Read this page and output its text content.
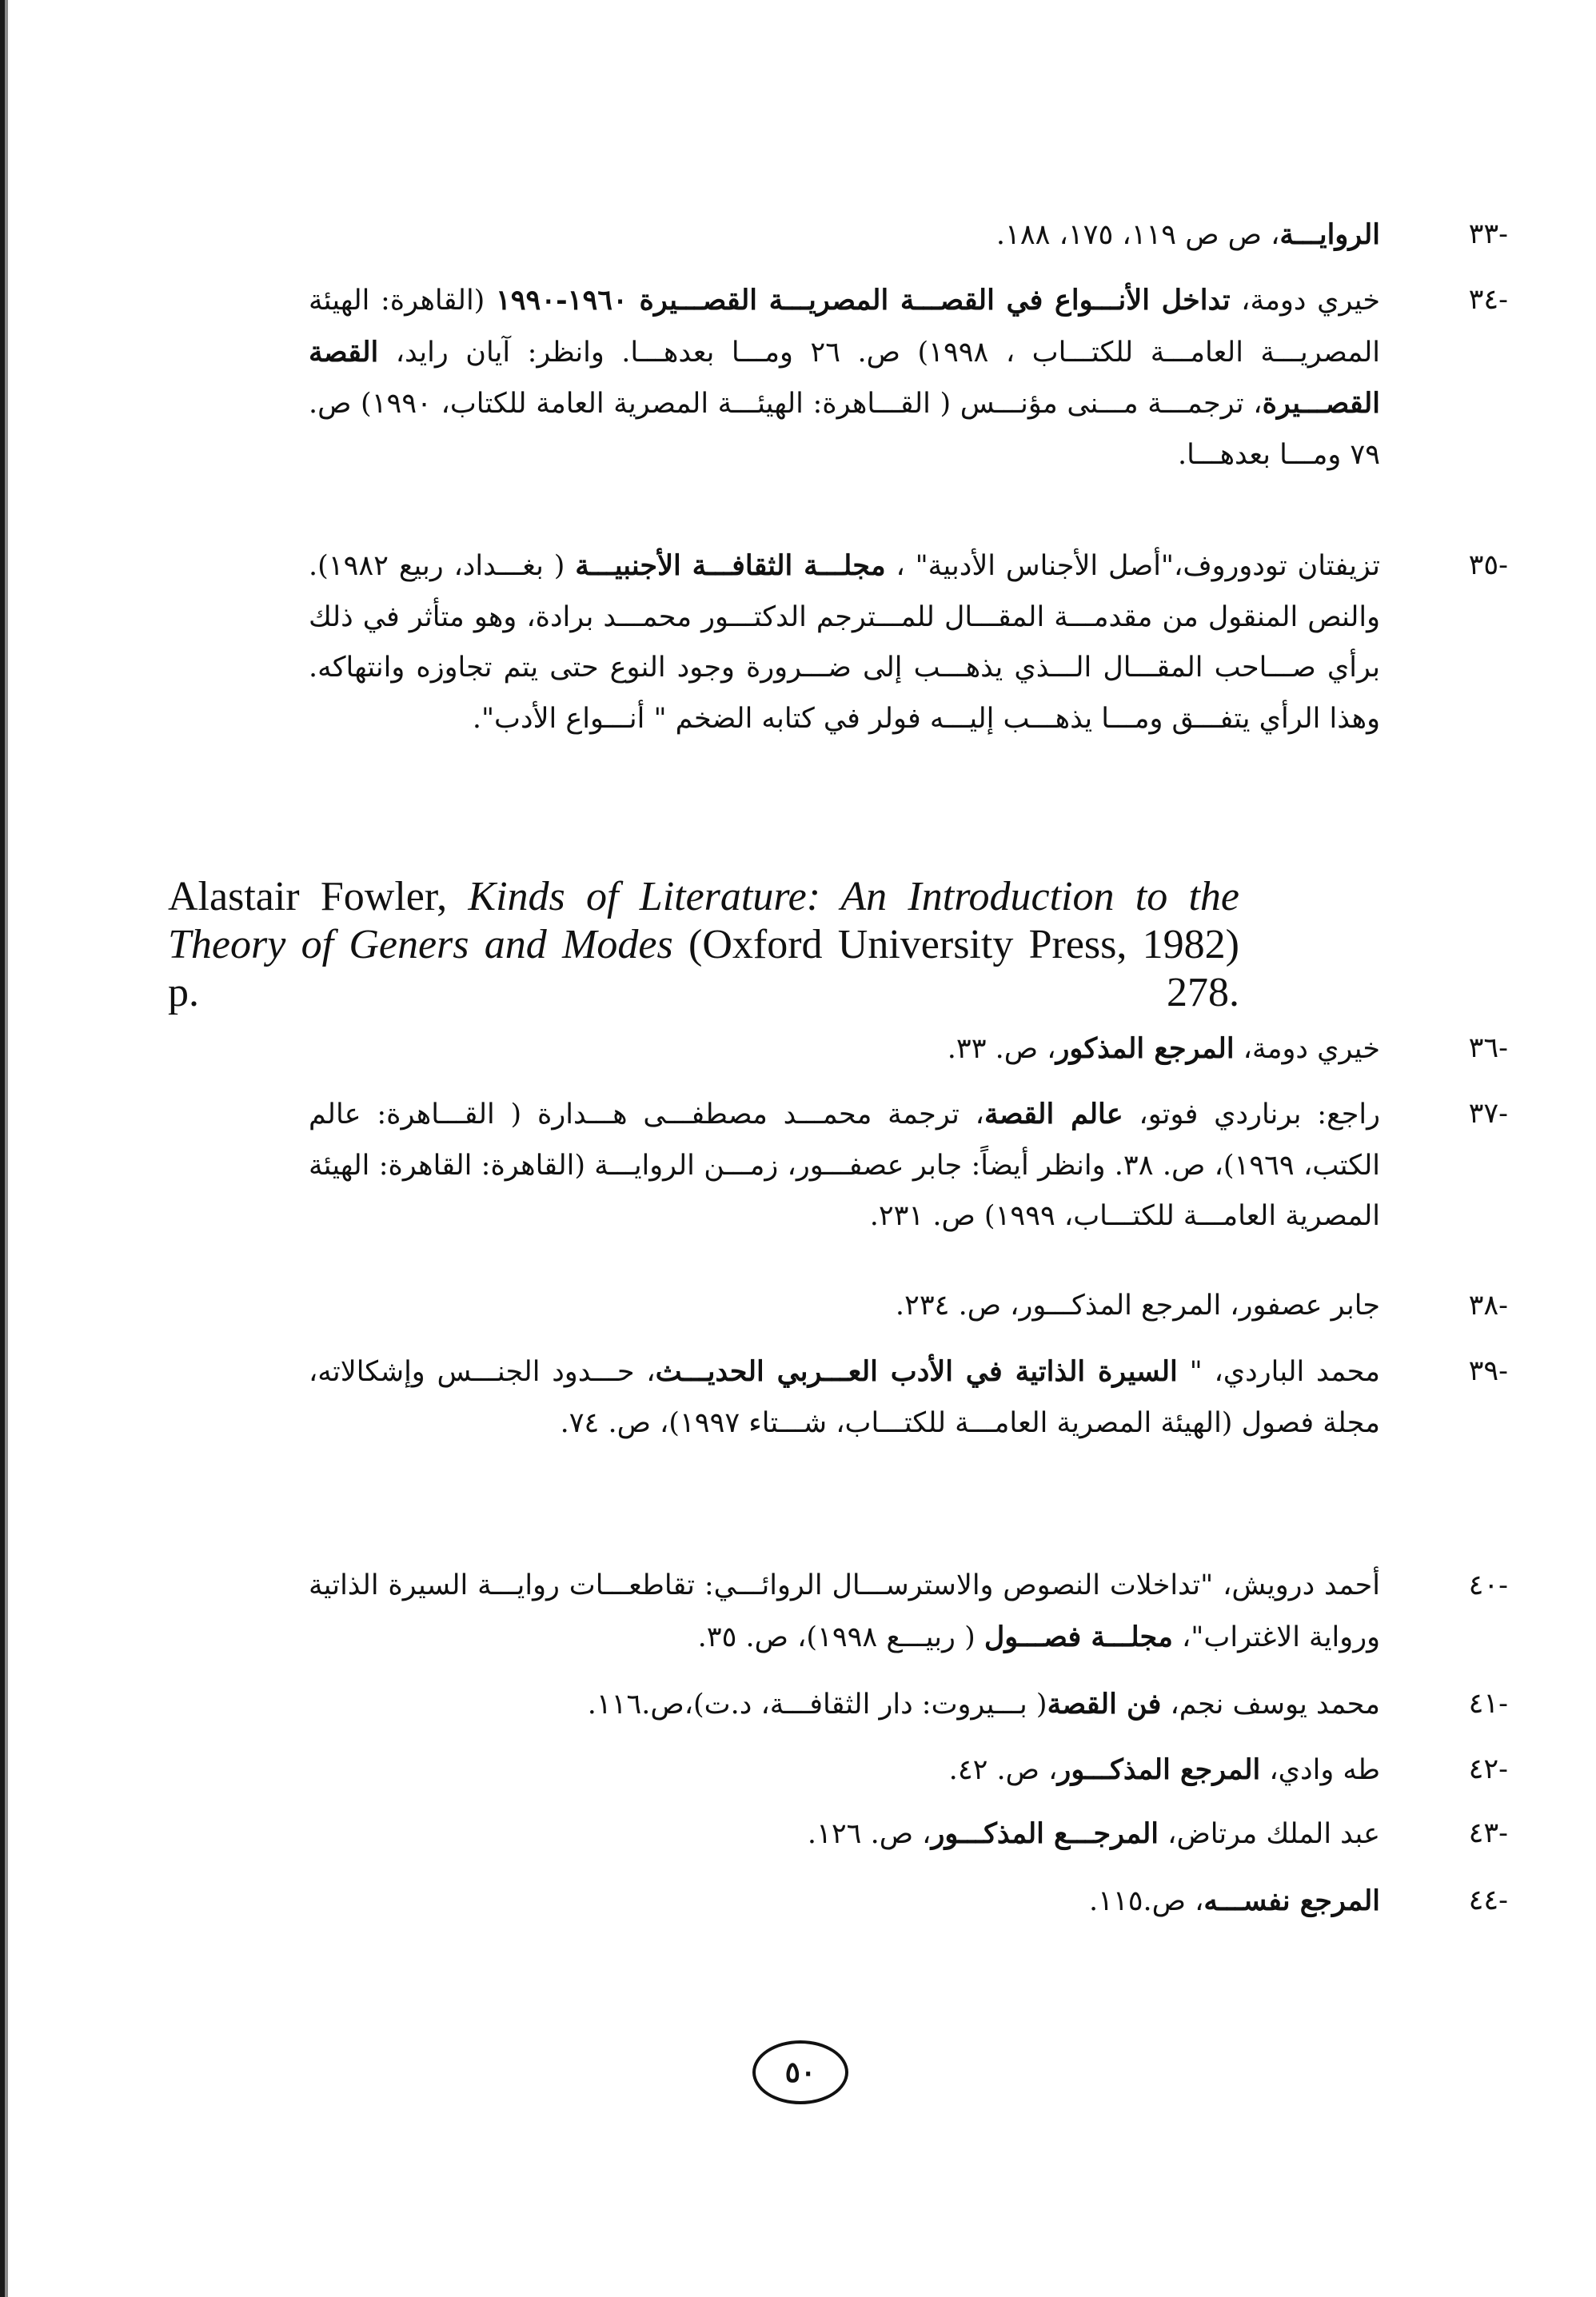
-٣٣
الروايـــة، ص ص ١١٩، ١٧٥، ١٨٨.
-٣٤
خيري دومة، تداخل الأنـــواع في القصـــة المصريـــة القصـــيرة ١٩٦٠-١٩٩٠ (القاهرة: الهيئة المصريـــة العامـــة للكتـــاب ، ١٩٩٨) ص. ٢٦ ومـــا بعدهـــا. وانظر: آيان رايد، القصة القصـــيرة، ترجمـــة مـــنى مؤنـــس ( القـــاهرة: الهيئـــة المصرية العامة للكتاب، ١٩٩٠) ص. ٧٩ ومـــا بعدهـــا.
-٣٥
تزيفتان تودوروف،"أصل الأجناس الأدبية" ، مجلـــة الثقافـــة الأجنبيـــة ( بغـــداد، ربيع ١٩٨٢). والنص المنقول من مقدمـــة المقـــال للمـــترجم الدكتـــور محمـــد برادة، وهو متأثر في ذلك برأي صـــاحب المقـــال الـــذي يذهـــب إلى ضـــرورة وجود النوع حتى يتم تجاوزه وانتهاكه. وهذا الرأي يتفـــق ومـــا يذهـــب إليـــه فولر في كتابه الضخم " أنـــواع الأدب".
-٣٦
خيري دومة، المرجع المذكور، ص. ٣٣.
-٣٧
راجع: برناردي فوتو، عالم القصة، ترجمة محمـــد مصطفـــى هـــدارة ( القـــاهرة: عالم الكتب، ١٩٦٩)، ص. ٣٨. وانظر أيضاً: جابر عصفـــور، زمـــن الروايـــة (القاهرة: القاهرة: الهيئة المصرية العامـــة للكتـــاب، ١٩٩٩) ص. ٢٣١.
-٣٨
جابر عصفور، المرجع المذكـــور، ص. ٢٣٤.
-٣٩
محمد الباردي، " السيرة الذاتية في الأدب العـــربي الحديـــث، حـــدود الجنـــس وإشكالاته، مجلة فصول (الهيئة المصرية العامـــة للكتـــاب، شـــتاء ١٩٩٧)، ص. ٧٤.
-٤٠
أحمد درويش، "تداخلات النصوص والاسترســـال الروائـــي: تقاطعـــات روايـــة السيرة الذاتية ورواية الاغتراب"، مجلـــة فصـــول ( ربيـــع ١٩٩٨)، ص. ٣٥.
-٤١
محمد يوسف نجم، فن القصة( بـــيروت: دار الثقافـــة، د.ت)،ص.١١٦.
-٤٢
طه وادي، المرجع المذكـــور، ص. ٤٢.
-٤٣
عبد الملك مرتاض، المرجـــع المذكـــور، ص. ١٢٦.
-٤٤
المرجع نفســـه، ص.١١٥.
Alastair Fowler, Kinds of Literature: An Introduction to the Theory of Geners and Modes (Oxford University Press, 1982) p. 278.
٥٠
